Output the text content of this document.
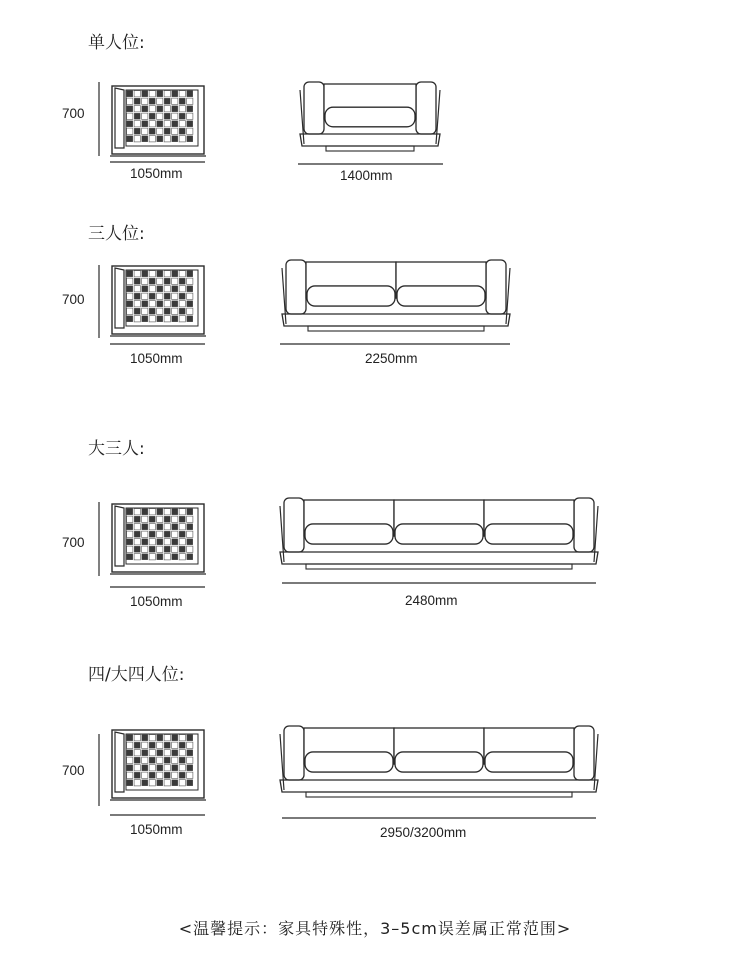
单人位:
700
1050mm	1400mm
三人位:
700
1050mm	2250mm
大三人:
700
1050mm	2480mm
四/大四人位:
700
1050mm	2950/3200mm
<温馨提示：家具特殊性，3–5cm误差属正常范围>
